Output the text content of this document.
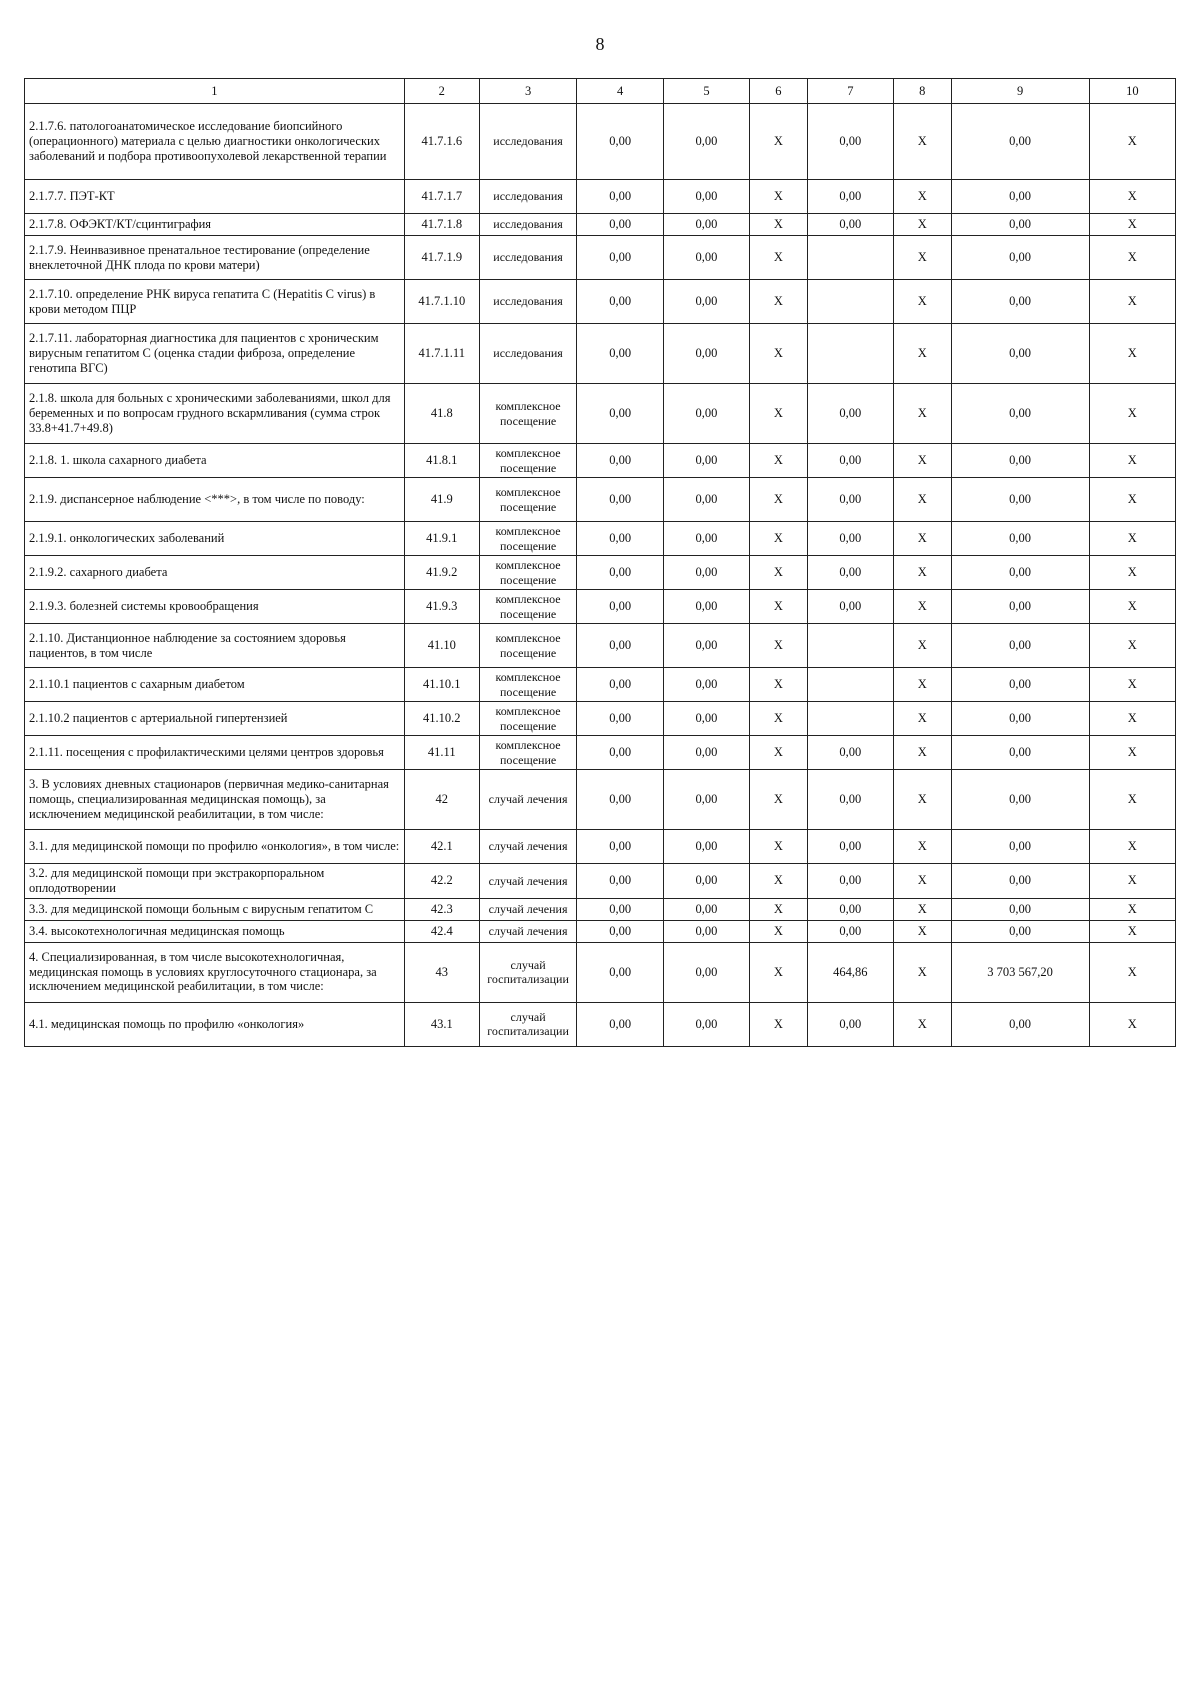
8
1	2	3	4	5	6	7	8	9	10
2.1.7.6. патологоанатомическое исследование биопсийного (операционного) материала с целью диагностики онкологических заболеваний и подбора противоопухолевой лекарственной терапии	41.7.1.6	исследования	0,00	0,00	X	0,00	X	0,00	X
2.1.7.7. ПЭТ-КТ	41.7.1.7	исследования	0,00	0,00	X	0,00	X	0,00	X
2.1.7.8. ОФЭКТ/КТ/сцинтиграфия	41.7.1.8	исследования	0,00	0,00	X	0,00	X	0,00	X
2.1.7.9. Неинвазивное пренатальное тестирование (определение внеклеточной ДНК плода по крови матери)	41.7.1.9	исследования	0,00	0,00	X		X	0,00	X
2.1.7.10. определение РНК вируса гепатита С (Hepatitis C virus) в крови методом ПЦР	41.7.1.10	исследования	0,00	0,00	X		X	0,00	X
2.1.7.11. лабораторная диагностика для пациентов с хроническим вирусным гепатитом С (оценка стадии фиброза, определение генотипа ВГС)	41.7.1.11	исследования	0,00	0,00	X		X	0,00	X
2.1.8. школа для больных с хроническими заболеваниями, школ для беременных и по вопросам грудного вскармливания (сумма строк 33.8+41.7+49.8)	41.8	комплексное посещение	0,00	0,00	X	0,00	X	0,00	X
2.1.8. 1. школа сахарного диабета	41.8.1	комплексное посещение	0,00	0,00	X	0,00	X	0,00	X
2.1.9. диспансерное наблюдение <***>, в том числе по поводу:	41.9	комплексное посещение	0,00	0,00	X	0,00	X	0,00	X
2.1.9.1. онкологических заболеваний	41.9.1	комплексное посещение	0,00	0,00	X	0,00	X	0,00	X
2.1.9.2. сахарного диабета	41.9.2	комплексное посещение	0,00	0,00	X	0,00	X	0,00	X
2.1.9.3. болезней системы кровообращения	41.9.3	комплексное посещение	0,00	0,00	X	0,00	X	0,00	X
2.1.10. Дистанционное наблюдение за состоянием здоровья пациентов, в том числе	41.10	комплексное посещение	0,00	0,00	X		X	0,00	X
2.1.10.1 пациентов с сахарным диабетом	41.10.1	комплексное посещение	0,00	0,00	X		X	0,00	X
2.1.10.2 пациентов с артериальной гипертензией	41.10.2	комплексное посещение	0,00	0,00	X		X	0,00	X
2.1.11. посещения с профилактическими целями центров здоровья	41.11	комплексное посещение	0,00	0,00	X	0,00	X	0,00	X
3. В условиях дневных стационаров (первичная медико-санитарная помощь, специализированная медицинская помощь), за исключением медицинской реабилитации, в том числе:	42	случай лечения	0,00	0,00	X	0,00	X	0,00	X
3.1. для медицинской помощи по профилю «онкология», в том числе:	42.1	случай лечения	0,00	0,00	X	0,00	X	0,00	X
3.2. для медицинской помощи при экстракорпоральном оплодотворении	42.2	случай лечения	0,00	0,00	X	0,00	X	0,00	X
3.3. для медицинской помощи больным с вирусным гепатитом С	42.3	случай лечения	0,00	0,00	X	0,00	X	0,00	X
3.4. высокотехнологичная медицинская помощь	42.4	случай лечения	0,00	0,00	X	0,00	X	0,00	X
4. Специализированная, в том числе высокотехнологичная, медицинская помощь в условиях круглосуточного стационара, за исключением медицинской реабилитации, в том числе:	43	случай госпитализации	0,00	0,00	X	464,86	X	3 703 567,20	X
4.1. медицинская помощь по профилю «онкология»	43.1	случай госпитализации	0,00	0,00	X	0,00	X	0,00	X
